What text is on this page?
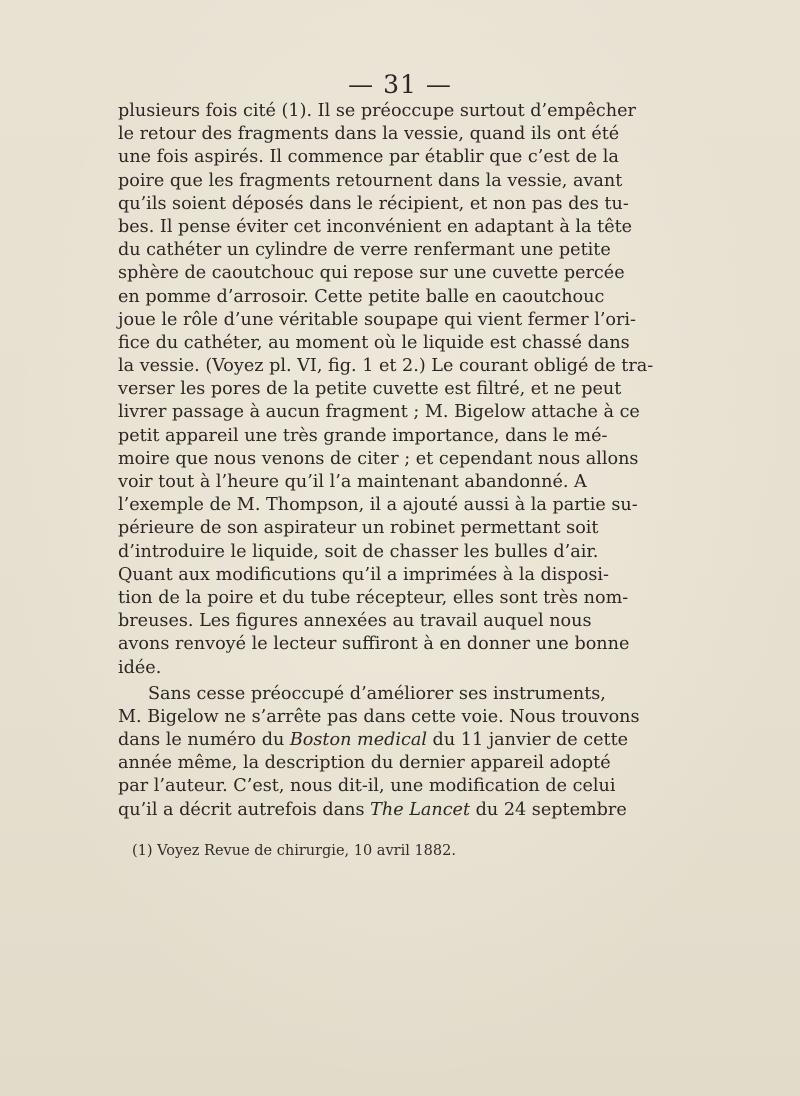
— 31 —
plusieurs fois cité (1). Il se préoccupe surtout d’empêcher
le retour des fragments dans la vessie, quand ils ont été
une fois aspirés. Il commence par établir que c’est de la
poire que les fragments retournent dans la vessie, avant
qu’ils soient déposés dans le récipient, et non pas des tu-
bes. Il pense éviter cet inconvénient en adaptant à la tête
du cathéter un cylindre de verre renfermant une petite
sphère de caoutchouc qui repose sur une cuvette percée
en pomme d’arrosoir. Cette petite balle en caoutchouc
joue le rôle d’une véritable soupape qui vient fermer l’ori-
fice du cathéter, au moment où le liquide est chassé dans
la vessie. (Voyez pl. VI, fig. 1 et 2.) Le courant obligé de tra-
verser les pores de la petite cuvette est filtré, et ne peut
livrer passage à aucun fragment ; M. Bigelow attache à ce
petit appareil une très grande importance, dans le mé-
moire que nous venons de citer ; et cependant nous allons
voir tout à l’heure qu’il l’a maintenant abandonné. A
l’exemple de M. Thompson, il a ajouté aussi à la partie su-
périeure de son aspirateur un robinet permettant soit
d’introduire le liquide, soit de chasser les bulles d’air.
Quant aux modificutions qu’il a imprimées à la disposi-
tion de la poire et du tube récepteur, elles sont très nom-
breuses. Les figures annexées au travail auquel nous
avons renvoyé le lecteur suffiront à en donner une bonne
idée.
Sans cesse préoccupé d’améliorer ses instruments,
M. Bigelow ne s’arrête pas dans cette voie. Nous trouvons
dans le numéro du Boston medical du 11 janvier de cette
année même, la description du dernier appareil adopté
par l’auteur. C’est, nous dit-il, une modification de celui
qu’il a décrit autrefois dans The Lancet du 24 septembre
(1) Voyez Revue de chirurgie, 10 avril 1882.
